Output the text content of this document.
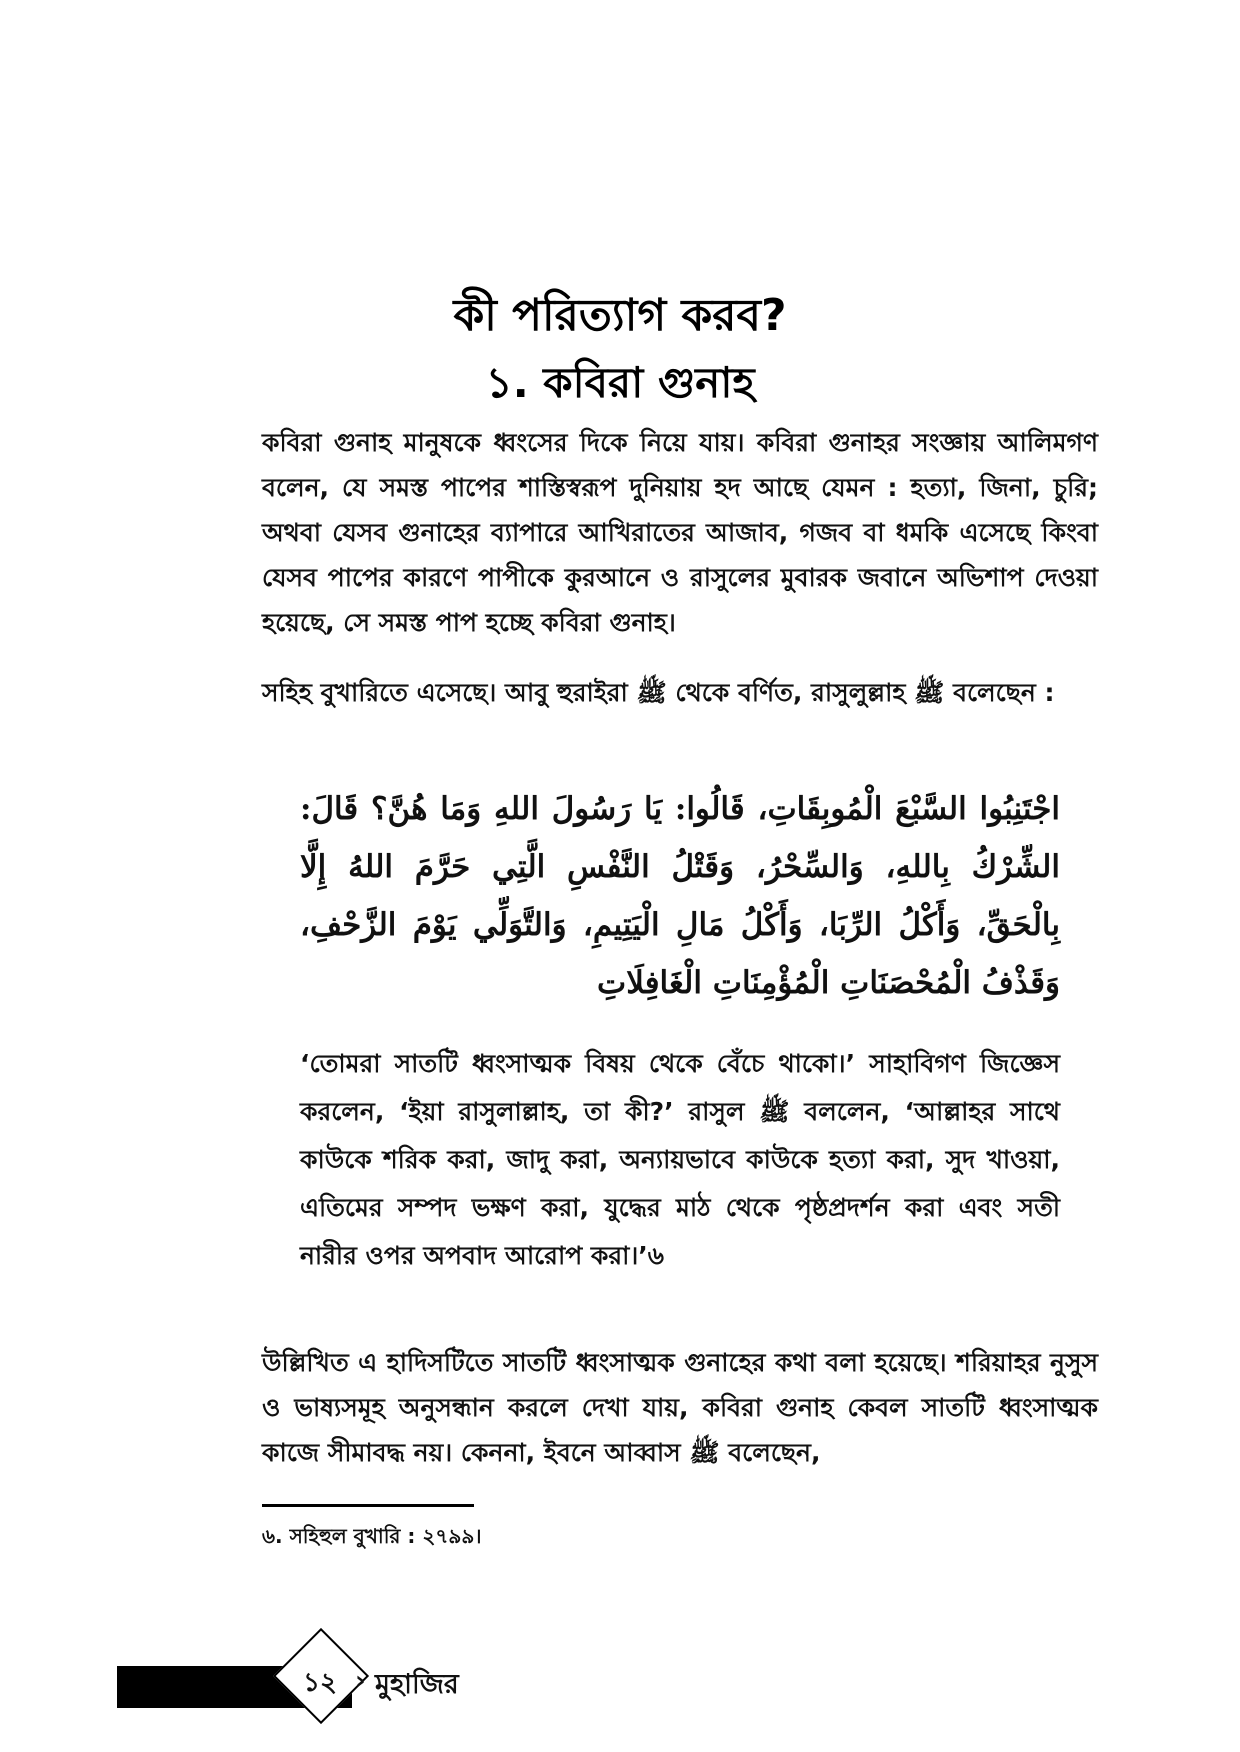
কী পরিত্যাগ করব?
১. কবিরা গুনাহ

কবিরা গুনাহ মানুষকে ধ্বংসের দিকে নিয়ে যায়। কবিরা গুনাহর সংজ্ঞায় আলিমগণ বলেন, যে সমস্ত পাপের শাস্তিস্বরূপ দুনিয়ায় হদ আছে যেমন : হত্যা, জিনা, চুরি; অথবা যেসব গুনাহের ব্যাপারে আখিরাতের আজাব, গজব বা ধমকি এসেছে কিংবা যেসব পাপের কারণে পাপীকে কুরআনে ও রাসুলের মুবারক জবানে অভিশাপ দেওয়া হয়েছে, সে সমস্ত পাপ হচ্ছে কবিরা গুনাহ।

সহিহ বুখারিতে এসেছে। আবু হুরাইরা ﷺ থেকে বর্ণিত, রাসুলুল্লাহ ﷺ বলেছেন :

اجْتَنِبُوا السَّبْعَ الْمُوبِقَاتِ، قَالُوا: يَا رَسُولَ اللهِ وَمَا هُنَّ؟ قَالَ: الشِّرْكُ بِاللهِ، وَالسِّحْرُ، وَقَتْلُ النَّفْسِ الَّتِي حَرَّمَ اللهُ إِلَّا بِالْحَقِّ، وَأَكْلُ الرِّبَا، وَأَكْلُ مَالِ الْيَتِيمِ، وَالتَّوَلِّي يَوْمَ الزَّحْفِ، وَقَذْفُ الْمُحْصَنَاتِ الْمُؤْمِنَاتِ الْغَافِلَاتِ

‘তোমরা সাতটি ধ্বংসাত্মক বিষয় থেকে বেঁচে থাকো।’ সাহাবিগণ জিজ্ঞেস করলেন, ‘ইয়া রাসুলাল্লাহ, তা কী?’ রাসুল ﷺ বললেন, ‘আল্লাহর সাথে কাউকে শরিক করা, জাদু করা, অন্যায়ভাবে কাউকে হত্যা করা, সুদ খাওয়া, এতিমের সম্পদ ভক্ষণ করা, যুদ্ধের মাঠ থেকে পৃষ্ঠপ্রদর্শন করা এবং সতী নারীর ওপর অপবাদ আরোপ করা।’৬

উল্লিখিত এ হাদিসটিতে সাতটি ধ্বংসাত্মক গুনাহের কথা বলা হয়েছে। শরিয়াহর নুসুস ও ভাষ্যসমূহ অনুসন্ধান করলে দেখা যায়, কবিরা গুনাহ কেবল সাতটি ধ্বংসাত্মক কাজে সীমাবদ্ধ নয়। কেননা, ইবনে আব্বাস ﷺ বলেছেন,

৬. সহিহুল বুখারি : ২৭৯৯।

১২ › মুহাজির
